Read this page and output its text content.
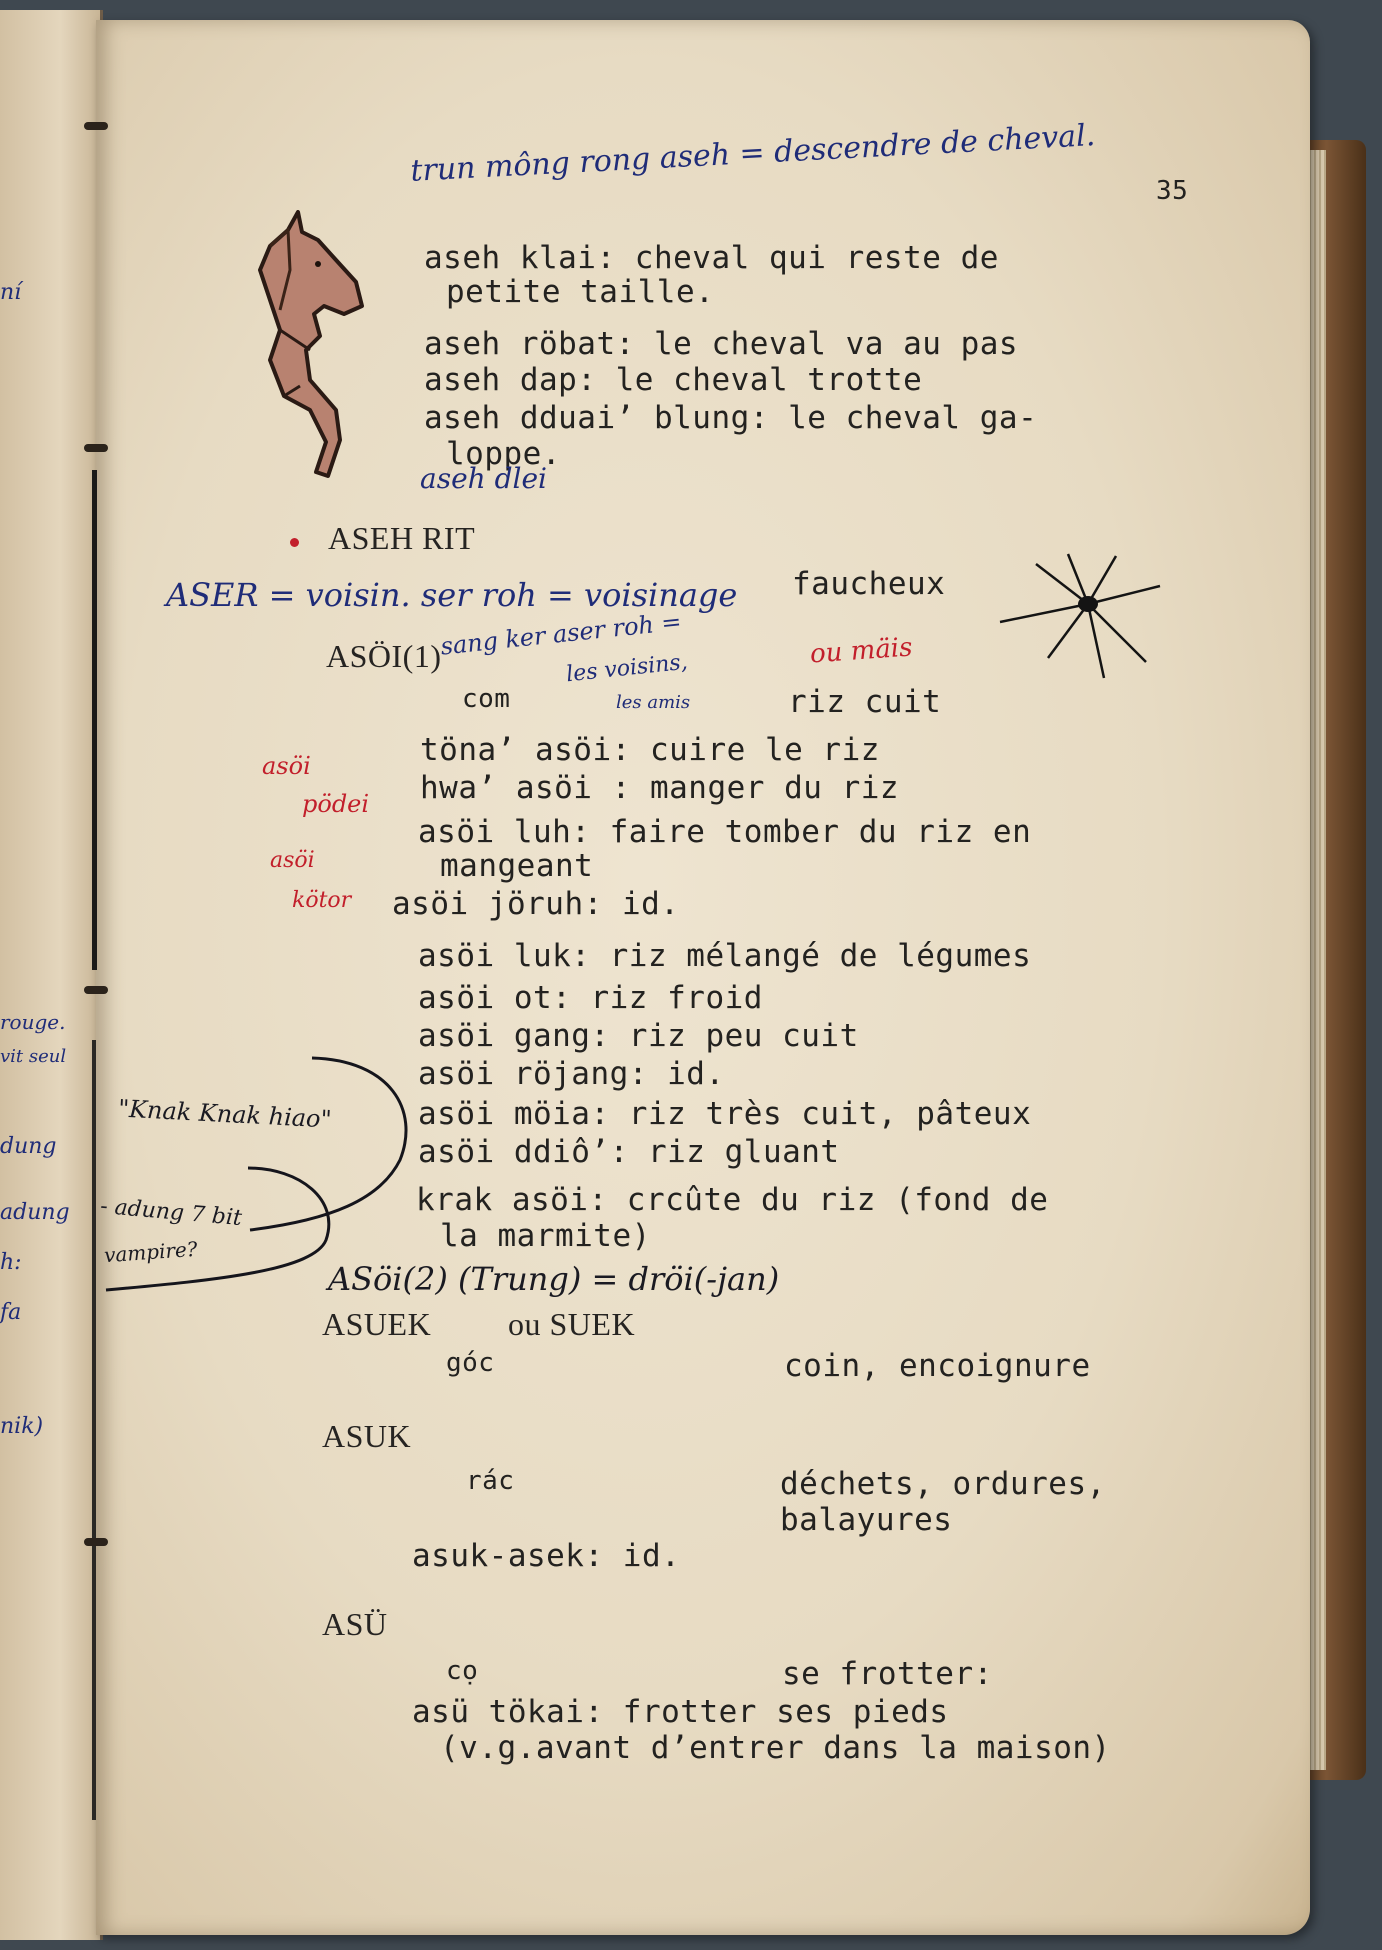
ní
rouge.
vit seul
dung
adung
h:
fa
nik)
trun mông rong aseh = descendre de cheval.
35
aseh klai: cheval qui reste de
petite taille.
aseh röbat: le cheval va au pas
aseh dap: le cheval trotte
aseh dduai’ blung: le cheval ga-
loppe.
aseh dlei
ASEH RIT
faucheux
ASER = voisin. ser roh = voisinage
sang ker aser roh =
les voisins,
les amis
ASÖI(1)
com	riz cuit
ou mäis
töna’ asöi: cuire le riz
hwa’ asöi : manger du riz
asöi luh: faire tomber du riz en
mangeant
asöi jöruh: id.
asöi luk: riz mélangé de légumes
asöi ot: riz froid
asöi gang: riz peu cuit
asöi röjang: id.
asöi möia: riz très cuit, pâteux
asöi ddiô’: riz gluant
krak asöi: crcûte du riz (fond de
la marmite)
asöi
pödei
asöi
kötor
"Knak Knak hiao"
- adung 7 bit
vampire?
ASöi(2) (Trung) = dröi(-jan)
ASUEK ou SUEK
góc	coin, encoignure
ASUK
rác	déchets, ordures,
balayures
asuk-asek: id.
ASÜ
cọ	se frotter:
asü tökai: frotter ses pieds
(v.g.avant d’entrer dans la maison)
